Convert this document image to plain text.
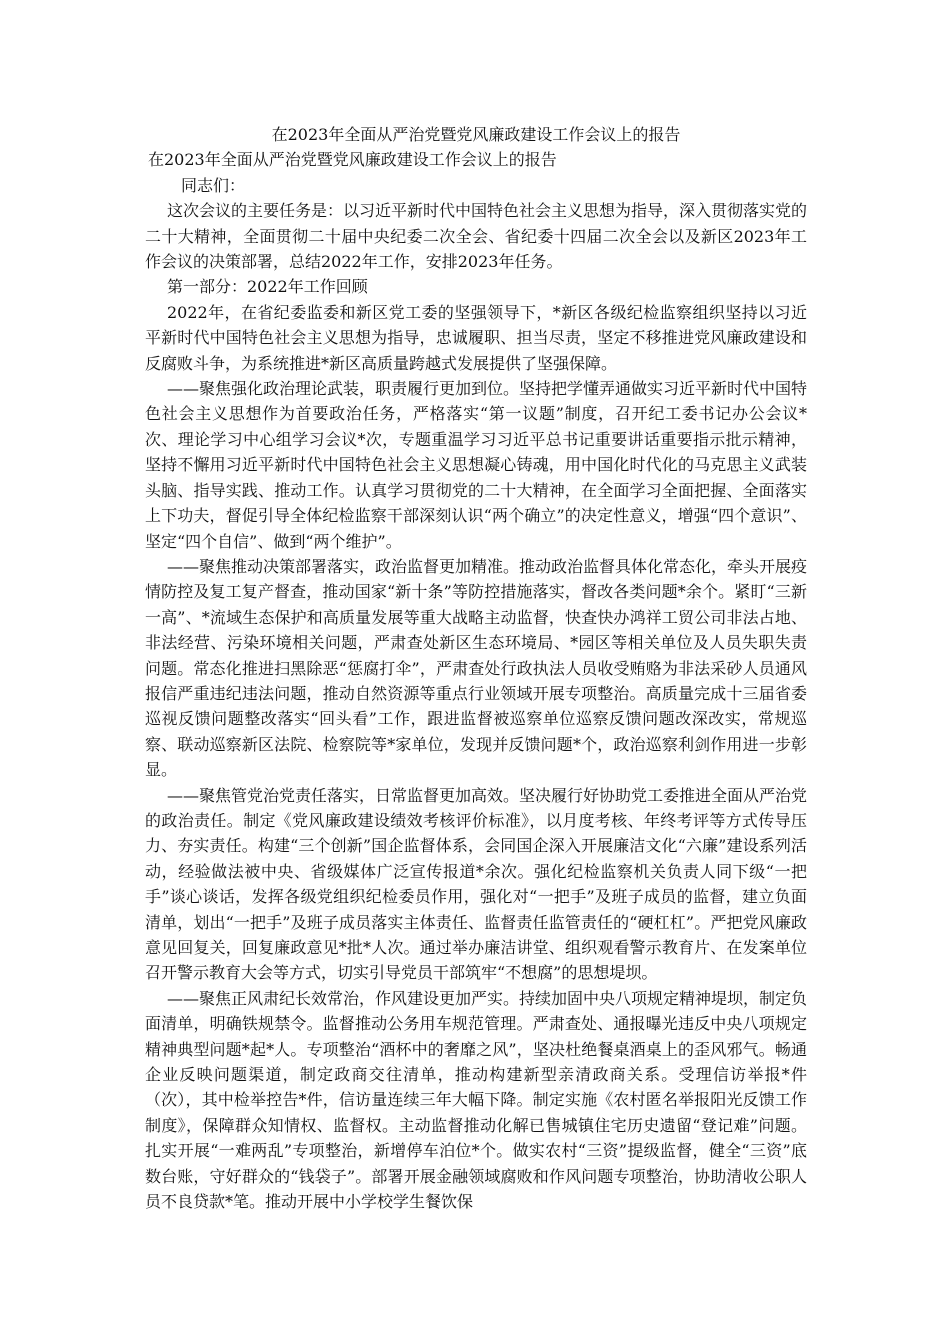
在2023年全面从严治党暨党风廉政建设工作会议上的报告

在2023年全面从严治党暨党风廉政建设工作会议上的报告

同志们：

这次会议的主要任务是：以习近平新时代中国特色社会主义思想为指导，深入贯彻落实党的二十大精神，全面贯彻二十届中央纪委二次全会、省纪委十四届二次全会以及新区2023年工作会议的决策部署，总结2022年工作，安排2023年任务。

第一部分：2022年工作回顾

2022年，在省纪委监委和新区党工委的坚强领导下，*新区各级纪检监察组织坚持以习近平新时代中国特色社会主义思想为指导，忠诚履职、担当尽责，坚定不移推进党风廉政建设和反腐败斗争，为系统推进*新区高质量跨越式发展提供了坚强保障。

——聚焦强化政治理论武装，职责履行更加到位。坚持把学懂弄通做实习近平新时代中国特色社会主义思想作为首要政治任务，严格落实“第一议题”制度，召开纪工委书记办公会议*次、理论学习中心组学习会议*次，专题重温学习习近平总书记重要讲话重要指示批示精神，坚持不懈用习近平新时代中国特色社会主义思想凝心铸魂，用中国化时代化的马克思主义武装头脑、指导实践、推动工作。认真学习贯彻党的二十大精神，在全面学习全面把握、全面落实上下功夫，督促引导全体纪检监察干部深刻认识“两个确立”的决定性意义，增强“四个意识”、坚定“四个自信”、做到“两个维护”。

——聚焦推动决策部署落实，政治监督更加精准。推动政治监督具体化常态化，牵头开展疫情防控及复工复产督查，推动国家“新十条”等防控措施落实，督改各类问题*余个。紧盯“三新一高”、*流域生态保护和高质量发展等重大战略主动监督，快查快办鸿祥工贸公司非法占地、非法经营、污染环境相关问题，严肃查处新区生态环境局、*园区等相关单位及人员失职失责问题。常态化推进扫黑除恶“惩腐打伞”，严肃查处行政执法人员收受贿赂为非法采砂人员通风报信严重违纪违法问题，推动自然资源等重点行业领域开展专项整治。高质量完成十三届省委巡视反馈问题整改落实“回头看”工作，跟进监督被巡察单位巡察反馈问题改深改实，常规巡察、联动巡察新区法院、检察院等*家单位，发现并反馈问题*个，政治巡察利剑作用进一步彰显。

——聚焦管党治党责任落实，日常监督更加高效。坚决履行好协助党工委推进全面从严治党的政治责任。制定《党风廉政建设绩效考核评价标准》，以月度考核、年终考评等方式传导压力、夯实责任。构建“三个创新”国企监督体系，会同国企深入开展廉洁文化“六廉”建设系列活动，经验做法被中央、省级媒体广泛宣传报道*余次。强化纪检监察机关负责人同下级“一把手”谈心谈话，发挥各级党组织纪检委员作用，强化对“一把手”及班子成员的监督，建立负面清单，划出“一把手”及班子成员落实主体责任、监督责任监管责任的“硬杠杠”。严把党风廉政意见回复关，回复廉政意见*批*人次。通过举办廉洁讲堂、组织观看警示教育片、在发案单位召开警示教育大会等方式，切实引导党员干部筑牢“不想腐”的思想堤坝。

——聚焦正风肃纪长效常治，作风建设更加严实。持续加固中央八项规定精神堤坝，制定负面清单，明确铁规禁令。监督推动公务用车规范管理。严肃查处、通报曝光违反中央八项规定精神典型问题*起*人。专项整治“酒杯中的奢靡之风”，坚决杜绝餐桌酒桌上的歪风邪气。畅通企业反映问题渠道，制定政商交往清单，推动构建新型亲清政商关系。受理信访举报*件（次），其中检举控告*件，信访量连续三年大幅下降。制定实施《农村匿名举报阳光反馈工作制度》，保障群众知情权、监督权。主动监督推动化解已售城镇住宅历史遗留“登记难”问题。扎实开展“一难两乱”专项整治，新增停车泊位*个。做实农村“三资”提级监督，健全“三资”底数台账，守好群众的“钱袋子”。部署开展金融领域腐败和作风问题专项整治，协助清收公职人员不良贷款*笔。推动开展中小学校学生餐饮保
